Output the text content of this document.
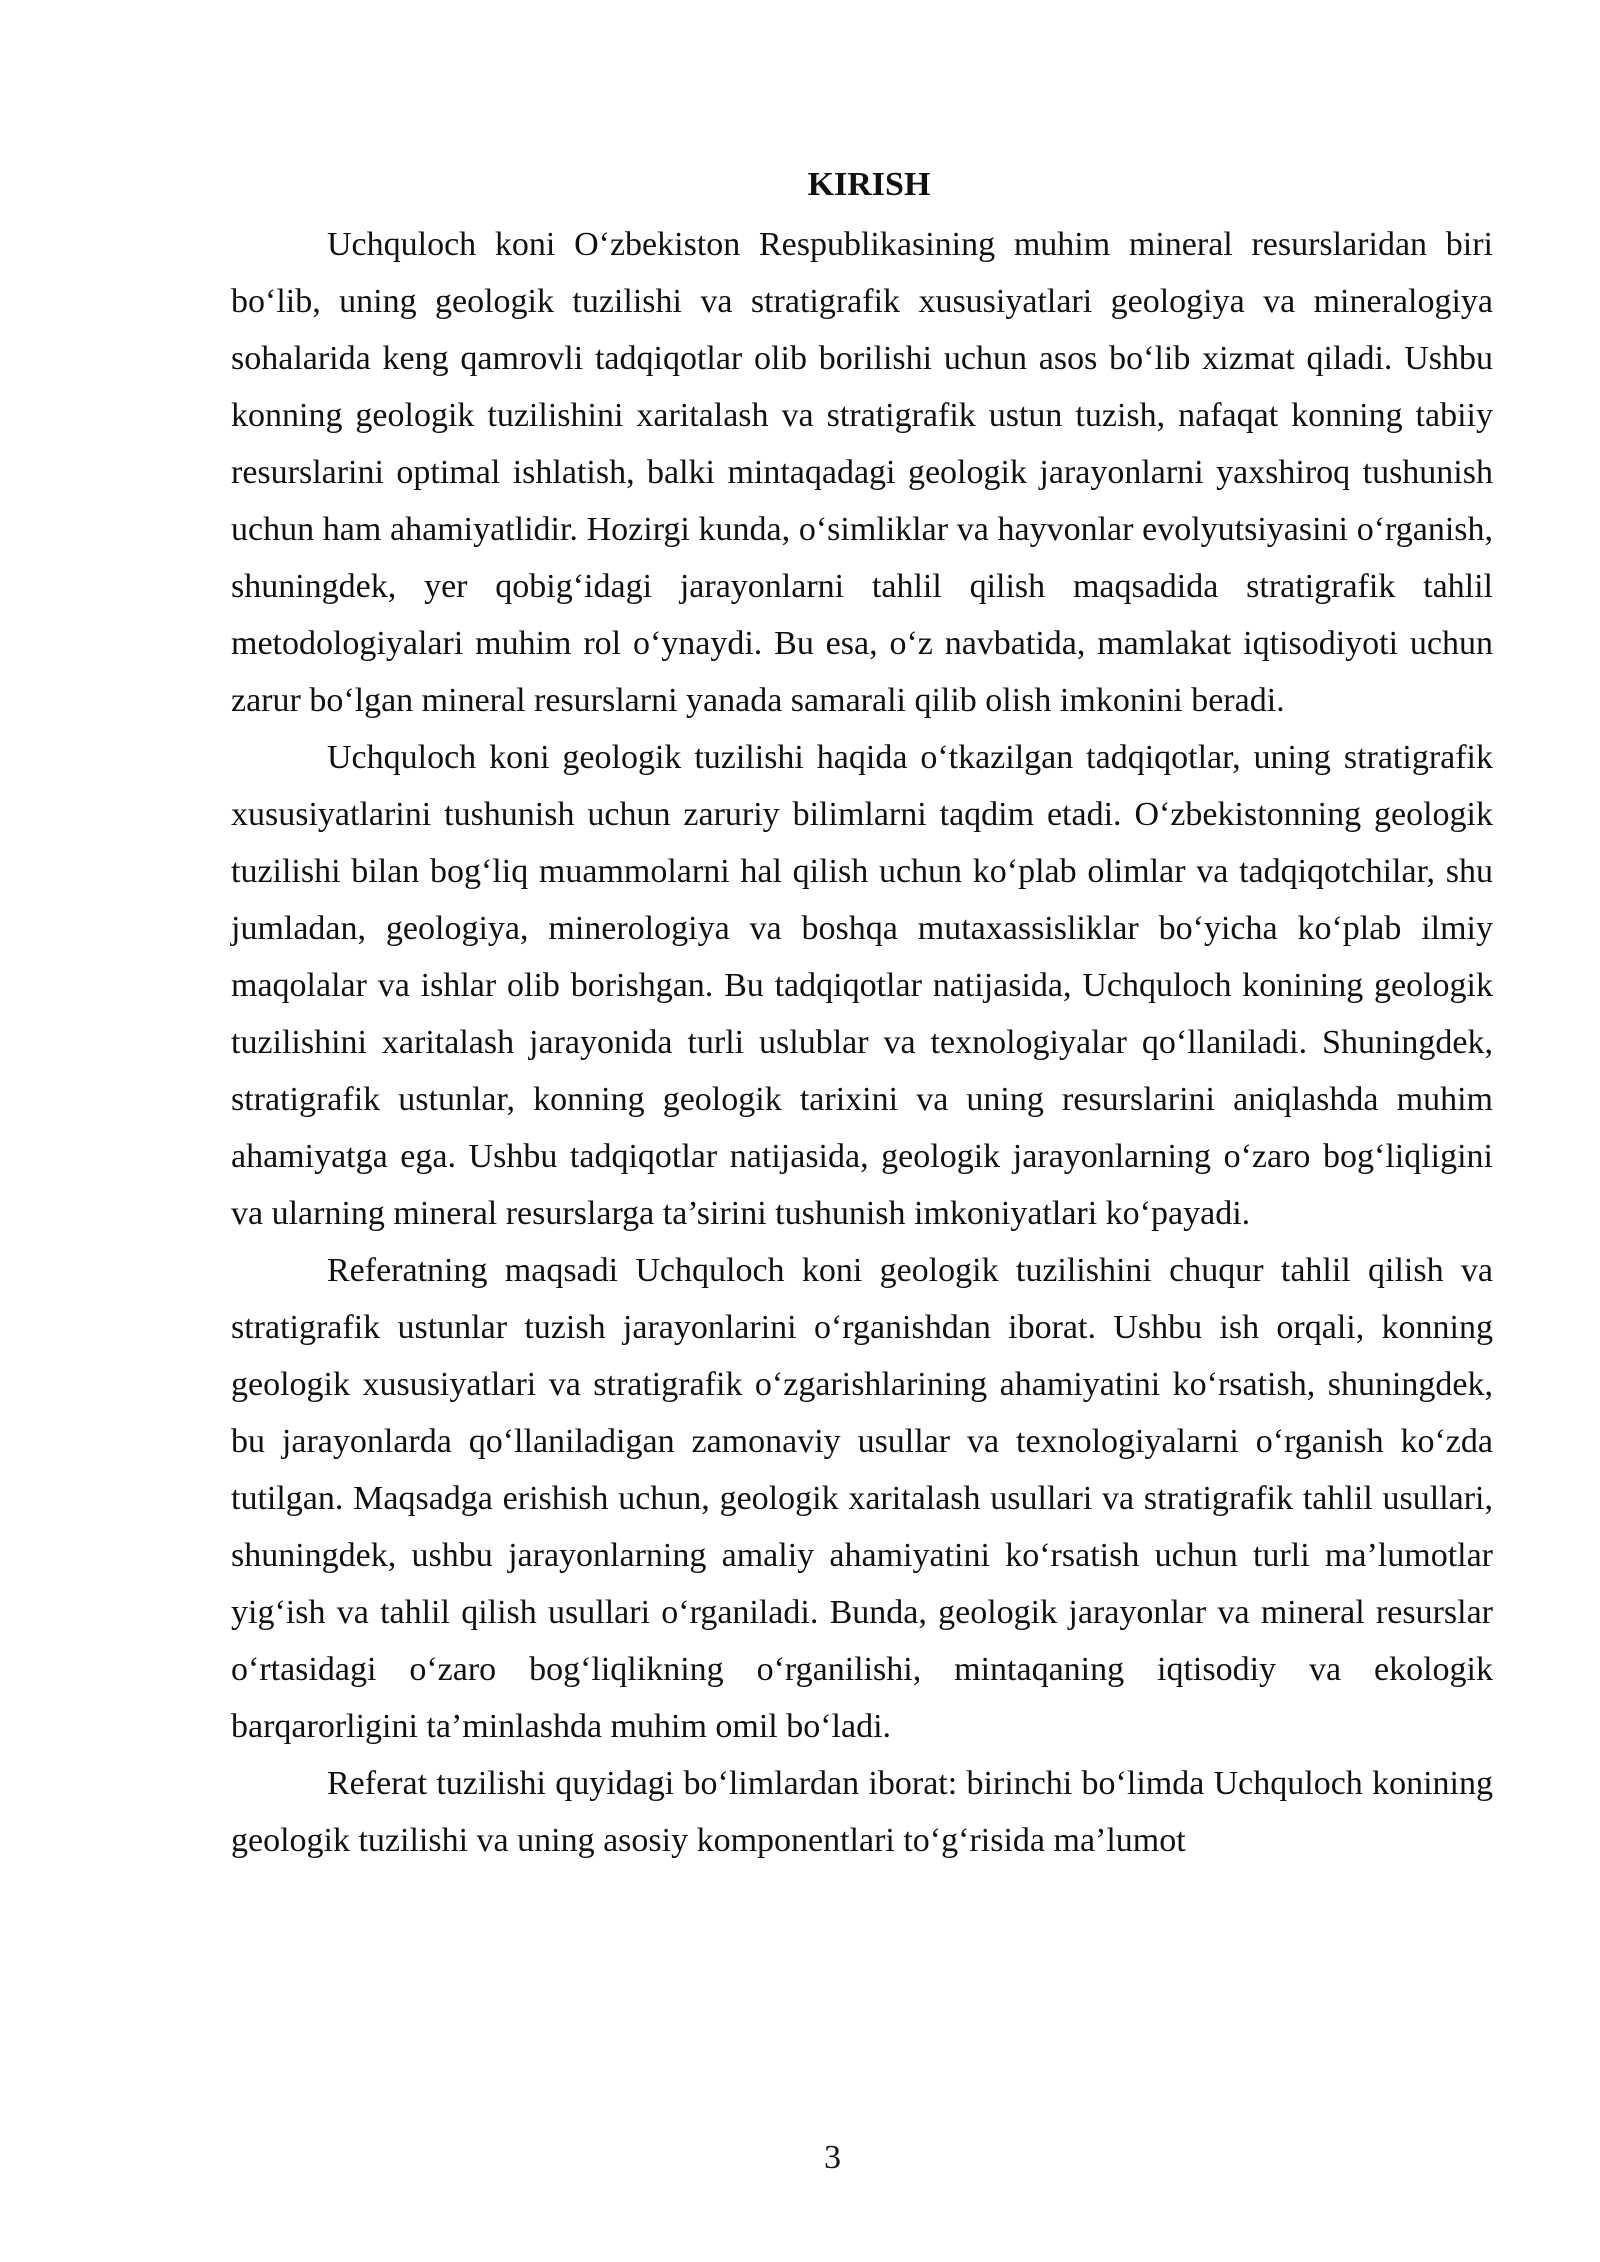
KIRISH

Uchquloch koni O‘zbekiston Respublikasining muhim mineral resurslaridan biri bo‘lib, uning geologik tuzilishi va stratigrafik xususiyatlari geologiya va mineralogiya sohalarida keng qamrovli tadqiqotlar olib borilishi uchun asos bo‘lib xizmat qiladi. Ushbu konning geologik tuzilishini xaritalash va stratigrafik ustun tuzish, nafaqat konning tabiiy resurslarini optimal ishlatish, balki mintaqadagi geologik jarayonlarni yaxshiroq tushunish uchun ham ahamiyatlidir. Hozirgi kunda, o‘simliklar va hayvonlar evolyutsiyasini o‘rganish, shuningdek, yer qobig‘idagi jarayonlarni tahlil qilish maqsadida stratigrafik tahlil metodologiyalari muhim rol o‘ynaydi. Bu esa, o‘z navbatida, mamlakat iqtisodiyoti uchun zarur bo‘lgan mineral resurslarni yanada samarali qilib olish imkonini beradi.

Uchquloch koni geologik tuzilishi haqida o‘tkazilgan tadqiqotlar, uning stratigrafik xususiyatlarini tushunish uchun zaruriy bilimlarni taqdim etadi. O‘zbekistonning geologik tuzilishi bilan bog‘liq muammolarni hal qilish uchun ko‘plab olimlar va tadqiqotchilar, shu jumladan, geologiya, minerologiya va boshqa mutaxassisliklar bo‘yicha ko‘plab ilmiy maqolalar va ishlar olib borishgan. Bu tadqiqotlar natijasida, Uchquloch konining geologik tuzilishini xaritalash jarayonida turli uslublar va texnologiyalar qo‘llaniladi. Shuningdek, stratigrafik ustunlar, konning geologik tarixini va uning resurslarini aniqlashda muhim ahamiyatga ega. Ushbu tadqiqotlar natijasida, geologik jarayonlarning o‘zaro bog‘liqligini va ularning mineral resurslarga ta’sirini tushunish imkoniyatlari ko‘payadi.

Referatning maqsadi Uchquloch koni geologik tuzilishini chuqur tahlil qilish va stratigrafik ustunlar tuzish jarayonlarini o‘rganishdan iborat. Ushbu ish orqali, konning geologik xususiyatlari va stratigrafik o‘zgarishlarining ahamiyatini ko‘rsatish, shuningdek, bu jarayonlarda qo‘llaniladigan zamonaviy usullar va texnologiyalarni o‘rganish ko‘zda tutilgan. Maqsadga erishish uchun, geologik xaritalash usullari va stratigrafik tahlil usullari, shuningdek, ushbu jarayonlarning amaliy ahamiyatini ko‘rsatish uchun turli ma’lumotlar yig‘ish va tahlil qilish usullari o‘rganiladi. Bunda, geologik jarayonlar va mineral resurslar o‘rtasidagi o‘zaro bog‘liqlikning o‘rganilishi, mintaqaning iqtisodiy va ekologik barqarorligini ta’minlashda muhim omil bo‘ladi.

Referat tuzilishi quyidagi bo‘limlardan iborat: birinchi bo‘limda Uchquloch konining geologik tuzilishi va uning asosiy komponentlari to‘g‘risida ma’lumot

3
